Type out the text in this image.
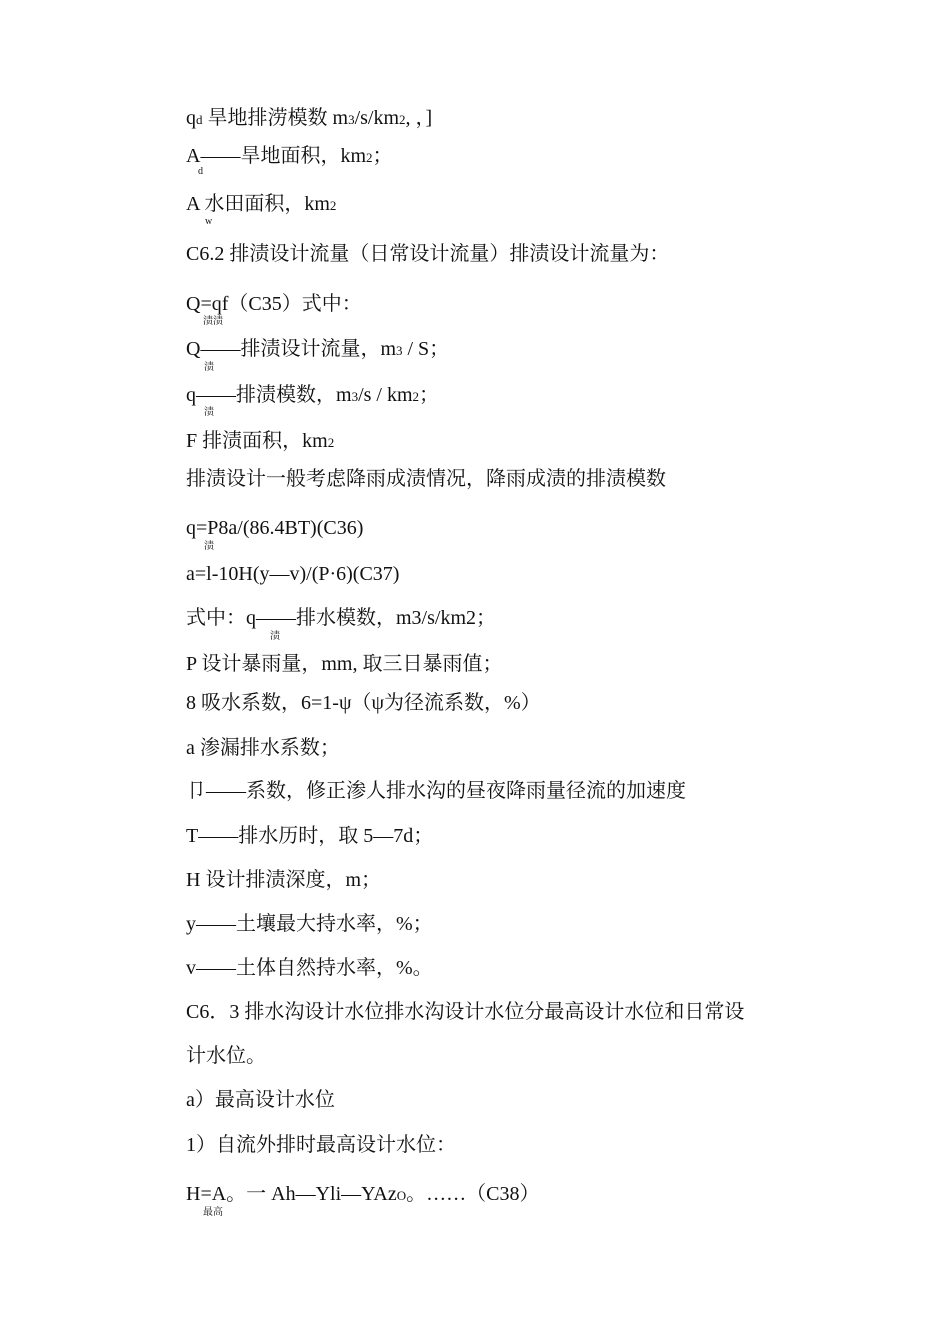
qd 旱地排涝模数 m3/s/km2, ，]
A——旱地面积，km2；
d
A 水田面积，km2
w
C6.2 排渍设计流量（日常设计流量）排渍设计流量为：
Q=qf（C35）式中：
渍渍
Q——排渍设计流量，m3 / S；
渍
q——排渍模数，m3/s / km2；
渍
F 排渍面积，km2
排渍设计一般考虑降雨成渍情况，降雨成渍的排渍模数
q=P8a/(86.4BT)(C36)
渍
a=l-10H(y—v)/(P·6)(C37)
式中：q——排水模数，m3/s/km2；
渍
P 设计暴雨量，mm, 取三日暴雨值；
8 吸水系数，6=1-ψ（ψ为径流系数，%）
a 渗漏排水系数；
卩——系数，修正渗人排水沟的昼夜降雨量径流的加速度
T——排水历时，取 5—7d；
H 设计排渍深度，m；
y——土壤最大持水率，%；
v——土体自然持水率，%。
C6．3 排水沟设计水位排水沟设计水位分最高设计水位和日常设
计水位。
a）最高设计水位
1）自流外排时最高设计水位：
H=A。一 Ah—Yli—YAzO。……（C38）
最高
